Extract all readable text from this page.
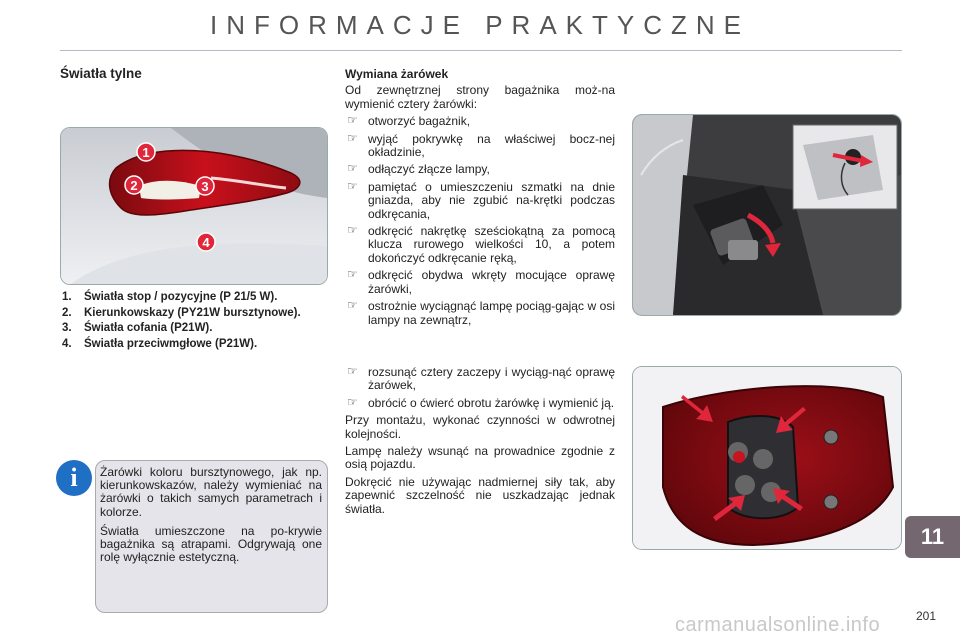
INFORMACJE PRAKTYCZNE
Światła tylne
1
2	3
4
1. Światła stop / pozycyjne (P 21/5 W).
2. Kierunkowskazy (PY21W bursztynowe).
3. Światła cofania (P21W).
4. Światła przeciwmgłowe (P21W).
i	Żarówki koloru bursztynowego, jak np. kierunkowskazów, należy wymieniać na żarówki o takich samych parametrach i kolorze.

Światła umieszczone na po-krywie bagażnika są atrapami. Odgrywają one rolę wyłącznie estetyczną.

Wymiana żarówek

Od zewnętrznej strony bagażnika moż-na wymienić cztery żarówki:

☞ otworzyć bagażnik,
☞ wyjąć pokrywkę na właściwej bocz-nej okładzinie,
☞ odłączyć złącze lampy,
☞ pamiętać o umieszczeniu szmatki na dnie gniazda, aby nie zgubić na-krętki podczas odkręcania,
☞ odkręcić nakrętkę sześciokątną za pomocą klucza rurowego wielkości 10, a potem dokończyć odkręcanie ręką,
☞ odkręcić obydwa wkręty mocujące oprawę żarówki,
☞ ostrożnie wyciągnąć lampę pociąg-gając w osi lampy na zewnątrz,
☞ rozsunąć cztery zaczepy i wyciąg-nąć oprawę żarówek,
☞ obrócić o ćwierć obrotu żarówkę i wymienić ją.

Przy montażu, wykonać czynności w odwrotnej kolejności.

Lampę należy wsunąć na prowadnice zgodnie z osią pojazdu.

Dokręcić nie używając nadmiernej siły tak, aby zapewnić szczelność nie uszkadzając jednak światła.

11
201
carmanualsonline.info
